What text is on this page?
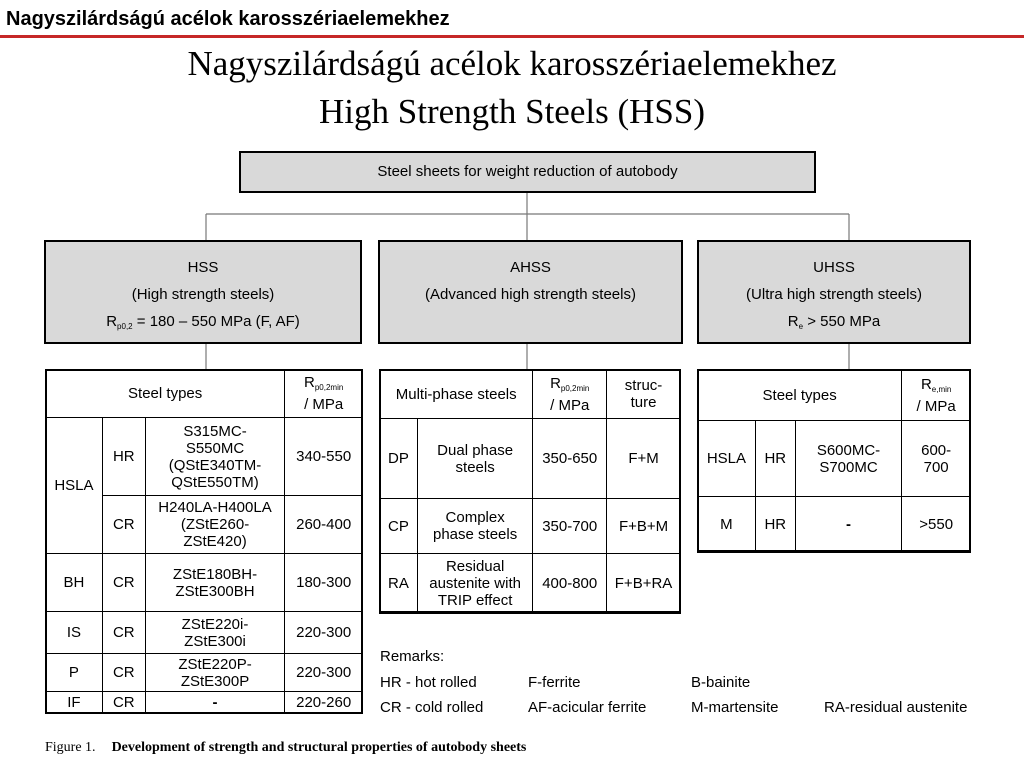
Nagyszilárdságú acélok karosszériaelemekhez
Nagyszilárdságú acélok karosszériaelemekhez
High Strength Steels (HSS)
Steel sheets for weight reduction of autobody
HSS
(High strength steels)
$R_{p0,2} = 180 - 550$ MPa (F, AF)
AHSS
(Advanced high strength steels)
UHSS
(Ultra high strength steels)
$R_e > 550$ MPa
Steel types			$R_{p0,2min}$
/ MPa
HSLA	HR	S315MC-
S550MC
(QStE340TM-
QStE550TM)	340-550
	CR	H240LA-H400LA
(ZStE260-
ZStE420)	260-400
BH	CR	ZStE180BH-
ZStE300BH	180-300
IS	CR	ZStE220i-
ZStE300i	220-300
P	CR	ZStE220P-
ZStE300P	220-300
IF	CR	-	220-260
Multi-phase steels		$R_{p0,2min}$
/ MPa	struc-
ture
DP	Dual phase
steels	350-650	F+M
CP	Complex
phase steels	350-700	F+B+M
RA	Residual
austenite with
TRIP effect	400-800	F+B+RA
Steel types			$R_{e,min}$
/ MPa
HSLA	HR	S600MC-
S700MC	600-
700
M	HR	-	>550
Remarks:
HR - hot rolled	F-ferrite	B-bainite
CR - cold rolled	AF-acicular ferrite	M-martensite	RA-residual austenite
Figure 1. Development of strength and structural properties of autobody sheets
